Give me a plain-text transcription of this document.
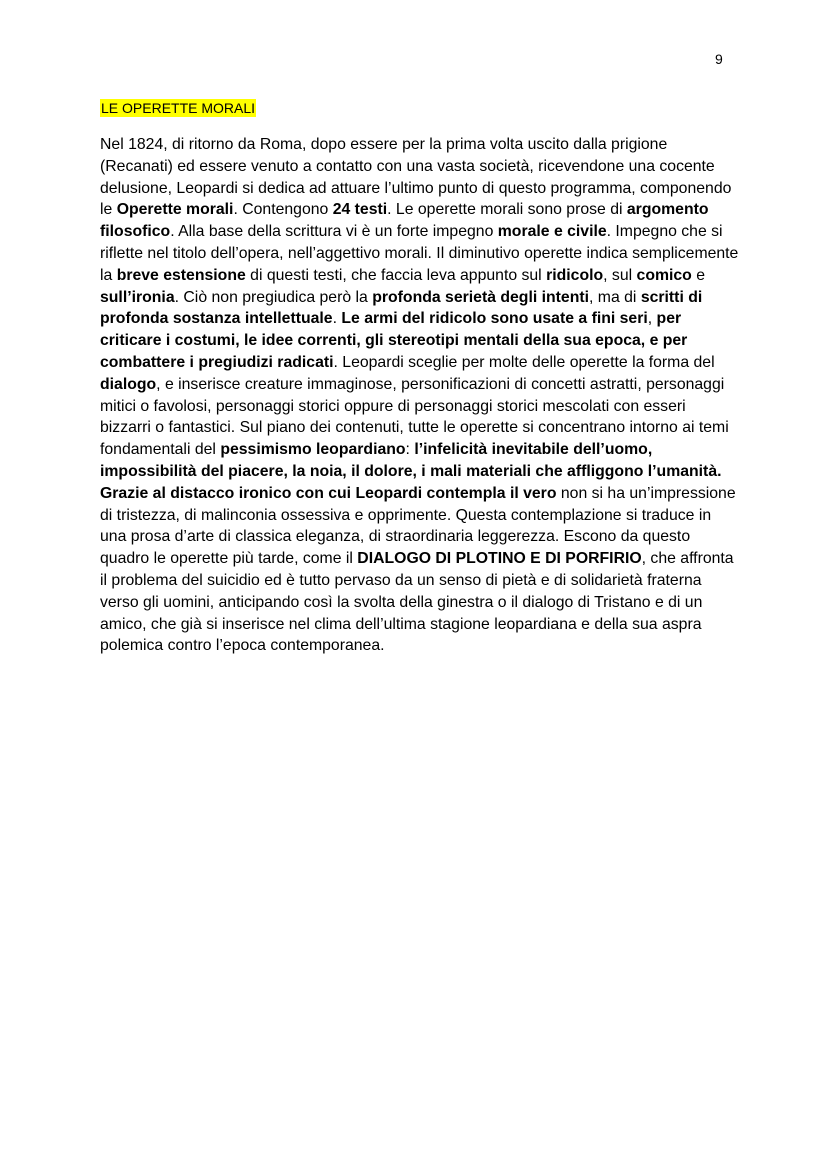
9
LE OPERETTE MORALI

Nel 1824, di ritorno da Roma, dopo essere per la prima volta uscito dalla prigione (Recanati) ed essere venuto a contatto con una vasta società, ricevendone una cocente delusione, Leopardi si dedica ad attuare l’ultimo punto di questo programma, componendo le Operette morali. Contengono 24 testi. Le operette morali sono prose di argomento filosofico. Alla base della scrittura vi è un forte impegno morale e civile. Impegno che si riflette nel titolo dell’opera, nell’aggettivo morali. Il diminutivo operette indica semplicemente la breve estensione di questi testi, che faccia leva appunto sul ridicolo, sul comico e sull’ironia. Ciò non pregiudica però la profonda serietà degli intenti, ma di scritti di profonda sostanza intellettuale. Le armi del ridicolo sono usate a fini seri, per criticare i costumi, le idee correnti, gli stereotipi mentali della sua epoca, e per combattere i pregiudizi radicati. Leopardi sceglie per molte delle operette la forma del dialogo, e inserisce creature immaginose, personificazioni di concetti astratti, personaggi mitici o favolosi, personaggi storici oppure di personaggi storici mescolati con esseri bizzarri o fantastici. Sul piano dei contenuti, tutte le operette si concentrano intorno ai temi fondamentali del pessimismo leopardiano: l’infelicità inevitabile dell’uomo, impossibilità del piacere, la noia, il dolore, i mali materiali che affliggono l’umanità. Grazie al distacco ironico con cui Leopardi contempla il vero non si ha un’impressione di tristezza, di malinconia ossessiva e opprimente. Questa contemplazione si traduce in una prosa d’arte di classica eleganza, di straordinaria leggerezza. Escono da questo quadro le operette più tarde, come il DIALOGO DI PLOTINO E DI PORFIRIO, che affronta il problema del suicidio ed è tutto pervaso da un senso di pietà e di solidarietà fraterna verso gli uomini, anticipando così la svolta della ginestra o il dialogo di Tristano e di un amico, che già si inserisce nel clima dell’ultima stagione leopardiana e della sua aspra polemica contro l’epoca contemporanea.
